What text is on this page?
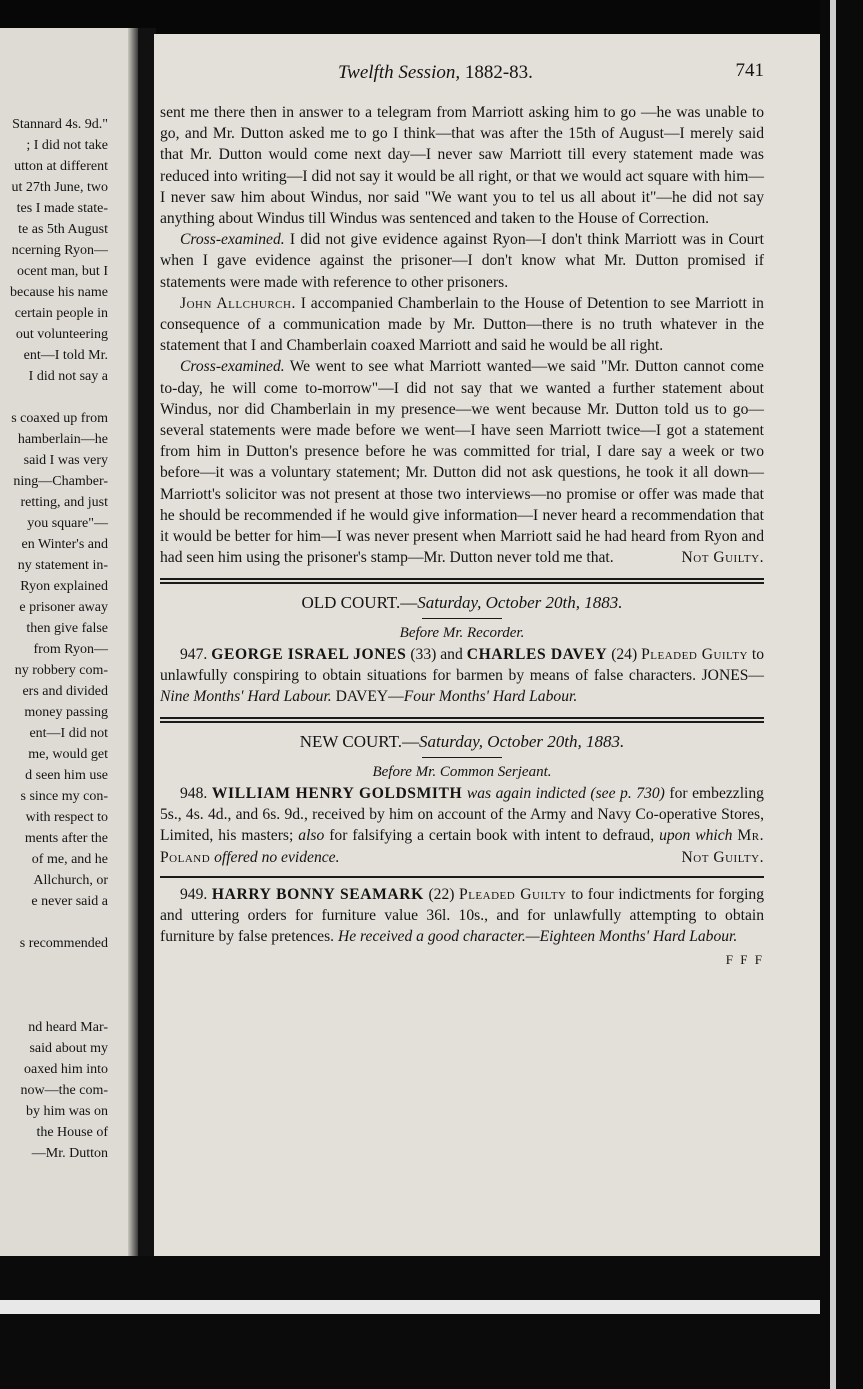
Stannard 4s. 9d."
; I did not take
utton at different
ut 27th June, two
tes I made state-
te as 5th August
ncerning Ryon—
ocent man, but I
because his name
certain people in
out volunteering
ent—I told Mr.
I did not say a
s coaxed up from
hamberlain—he
said I was very
ning—Chamber-
retting, and just
you square"—
en Winter's and
ny statement in-
Ryon explained
e prisoner away
then give false
from Ryon—
ny robbery com-
ers and divided
money passing
ent—I did not
me, would get
d seen him use
s since my con-
with respect to
ments after the
of me, and he
Allchurch, or
e never said a
s recommended
nd heard Mar-
said about my
oaxed him into
now—the com-
by him was on
the House of
—Mr. Dutton
Twelfth Session, 1882-83.	741

sent me there then in answer to a telegram from Marriott asking him to go —he was unable to go, and Mr. Dutton asked me to go I think—that was after the 15th of August—I merely said that Mr. Dutton would come next day—I never saw Marriott till every statement made was reduced into writing—I did not say it would be all right, or that we would act square with him—I never saw him about Windus, nor said "We want you to tel us all about it"—he did not say anything about Windus till Windus was sentenced and taken to the House of Correction.

Cross-examined. I did not give evidence against Ryon—I don't think Marriott was in Court when I gave evidence against the prisoner—I don't know what Mr. Dutton promised if statements were made with reference to other prisoners.

John Allchurch. I accompanied Chamberlain to the House of Detention to see Marriott in consequence of a communication made by Mr. Dutton—there is no truth whatever in the statement that I and Chamberlain coaxed Marriott and said he would be all right.

Cross-examined. We went to see what Marriott wanted—we said "Mr. Dutton cannot come to-day, he will come to-morrow"—I did not say that we wanted a further statement about Windus, nor did Chamberlain in my presence—we went because Mr. Dutton told us to go—several statements were made before we went—I have seen Marriott twice—I got a statement from him in Dutton's presence before he was committed for trial, I dare say a week or two before—it was a voluntary statement; Mr. Dutton did not ask questions, he took it all down—Marriott's solicitor was not present at those two interviews—no promise or offer was made that he should be recommended if he would give information—I never heard a recommendation that it would be better for him—I was never present when Marriott said he had heard from Ryon and had seen him using the prisoner's stamp—Mr. Dutton never told me that.	Not Guilty.

OLD COURT.—Saturday, October 20th, 1883.

Before Mr. Recorder.

947. GEORGE ISRAEL JONES (33) and CHARLES DAVEY (24) Pleaded Guilty to unlawfully conspiring to obtain situations for barmen by means of false characters. JONES—Nine Months' Hard Labour. DAVEY—Four Months' Hard Labour.

NEW COURT.—Saturday, October 20th, 1883.

Before Mr. Common Serjeant.

948. WILLIAM HENRY GOLDSMITH was again indicted (see p. 730) for embezzling 5s., 4s. 4d., and 6s. 9d., received by him on account of the Army and Navy Co-operative Stores, Limited, his masters; also for falsifying a certain book with intent to defraud, upon which Mr. Poland offered no evidence.	Not Guilty.

949. HARRY BONNY SEAMARK (22) Pleaded Guilty to four indictments for forging and uttering orders for furniture value 36l. 10s., and for unlawfully attempting to obtain furniture by false pretences. He received a good character.—Eighteen Months' Hard Labour.

F F F
